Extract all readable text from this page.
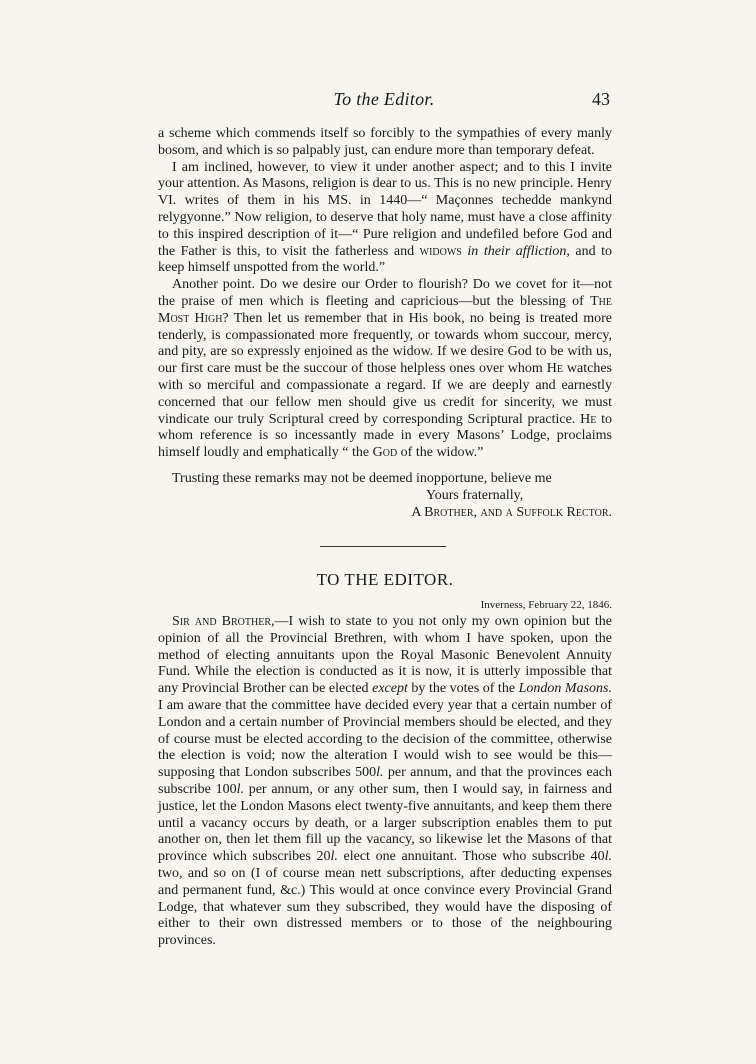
To the Editor.	43

a scheme which commends itself so forcibly to the sympathies of every manly bosom, and which is so palpably just, can endure more than temporary defeat.

I am inclined, however, to view it under another aspect; and to this I invite your attention. As Masons, religion is dear to us. This is no new principle. Henry VI. writes of them in his MS. in 1440—“ Maçonnes techedde mankynd relygyonne.” Now religion, to deserve that holy name, must have a close affinity to this inspired description of it—“ Pure religion and undefiled before God and the Father is this, to visit the fatherless and widows in their affliction, and to keep himself unspotted from the world.”

Another point. Do we desire our Order to flourish? Do we covet for it—not the praise of men which is fleeting and capricious—but the blessing of The Most High? Then let us remember that in His book, no being is treated more tenderly, is compassionated more frequently, or towards whom succour, mercy, and pity, are so expressly enjoined as the widow. If we desire God to be with us, our first care must be the succour of those helpless ones over whom He watches with so merciful and compassionate a regard. If we are deeply and earnestly concerned that our fellow men should give us credit for sincerity, we must vindicate our truly Scriptural creed by corresponding Scriptural practice. He to whom reference is so incessantly made in every Masons’ Lodge, proclaims himself loudly and emphatically “ the God of the widow.”

Trusting these remarks may not be deemed inopportune, believe me
Yours fraternally,
A Brother, and a Suffolk Rector.
TO THE EDITOR.
Inverness, February 22, 1846.

Sir and Brother,—I wish to state to you not only my own opinion but the opinion of all the Provincial Brethren, with whom I have spoken, upon the method of electing annuitants upon the Royal Masonic Benevolent Annuity Fund. While the election is conducted as it is now, it is utterly impossible that any Provincial Brother can be elected except by the votes of the London Masons. I am aware that the committee have decided every year that a certain number of London and a certain number of Provincial members should be elected, and they of course must be elected according to the decision of the committee, otherwise the election is void; now the alteration I would wish to see would be this—supposing that London subscribes 500l. per annum, and that the provinces each subscribe 100l. per annum, or any other sum, then I would say, in fairness and justice, let the London Masons elect twenty-five annuitants, and keep them there until a vacancy occurs by death, or a larger subscription enables them to put another on, then let them fill up the vacancy, so likewise let the Masons of that province which subscribes 20l. elect one annuitant. Those who subscribe 40l. two, and so on (I of course mean nett subscriptions, after deducting expenses and permanent fund, &c.) This would at once convince every Provincial Grand Lodge, that whatever sum they subscribed, they would have the disposing of either to their own distressed members or to those of the neighbouring provinces.
